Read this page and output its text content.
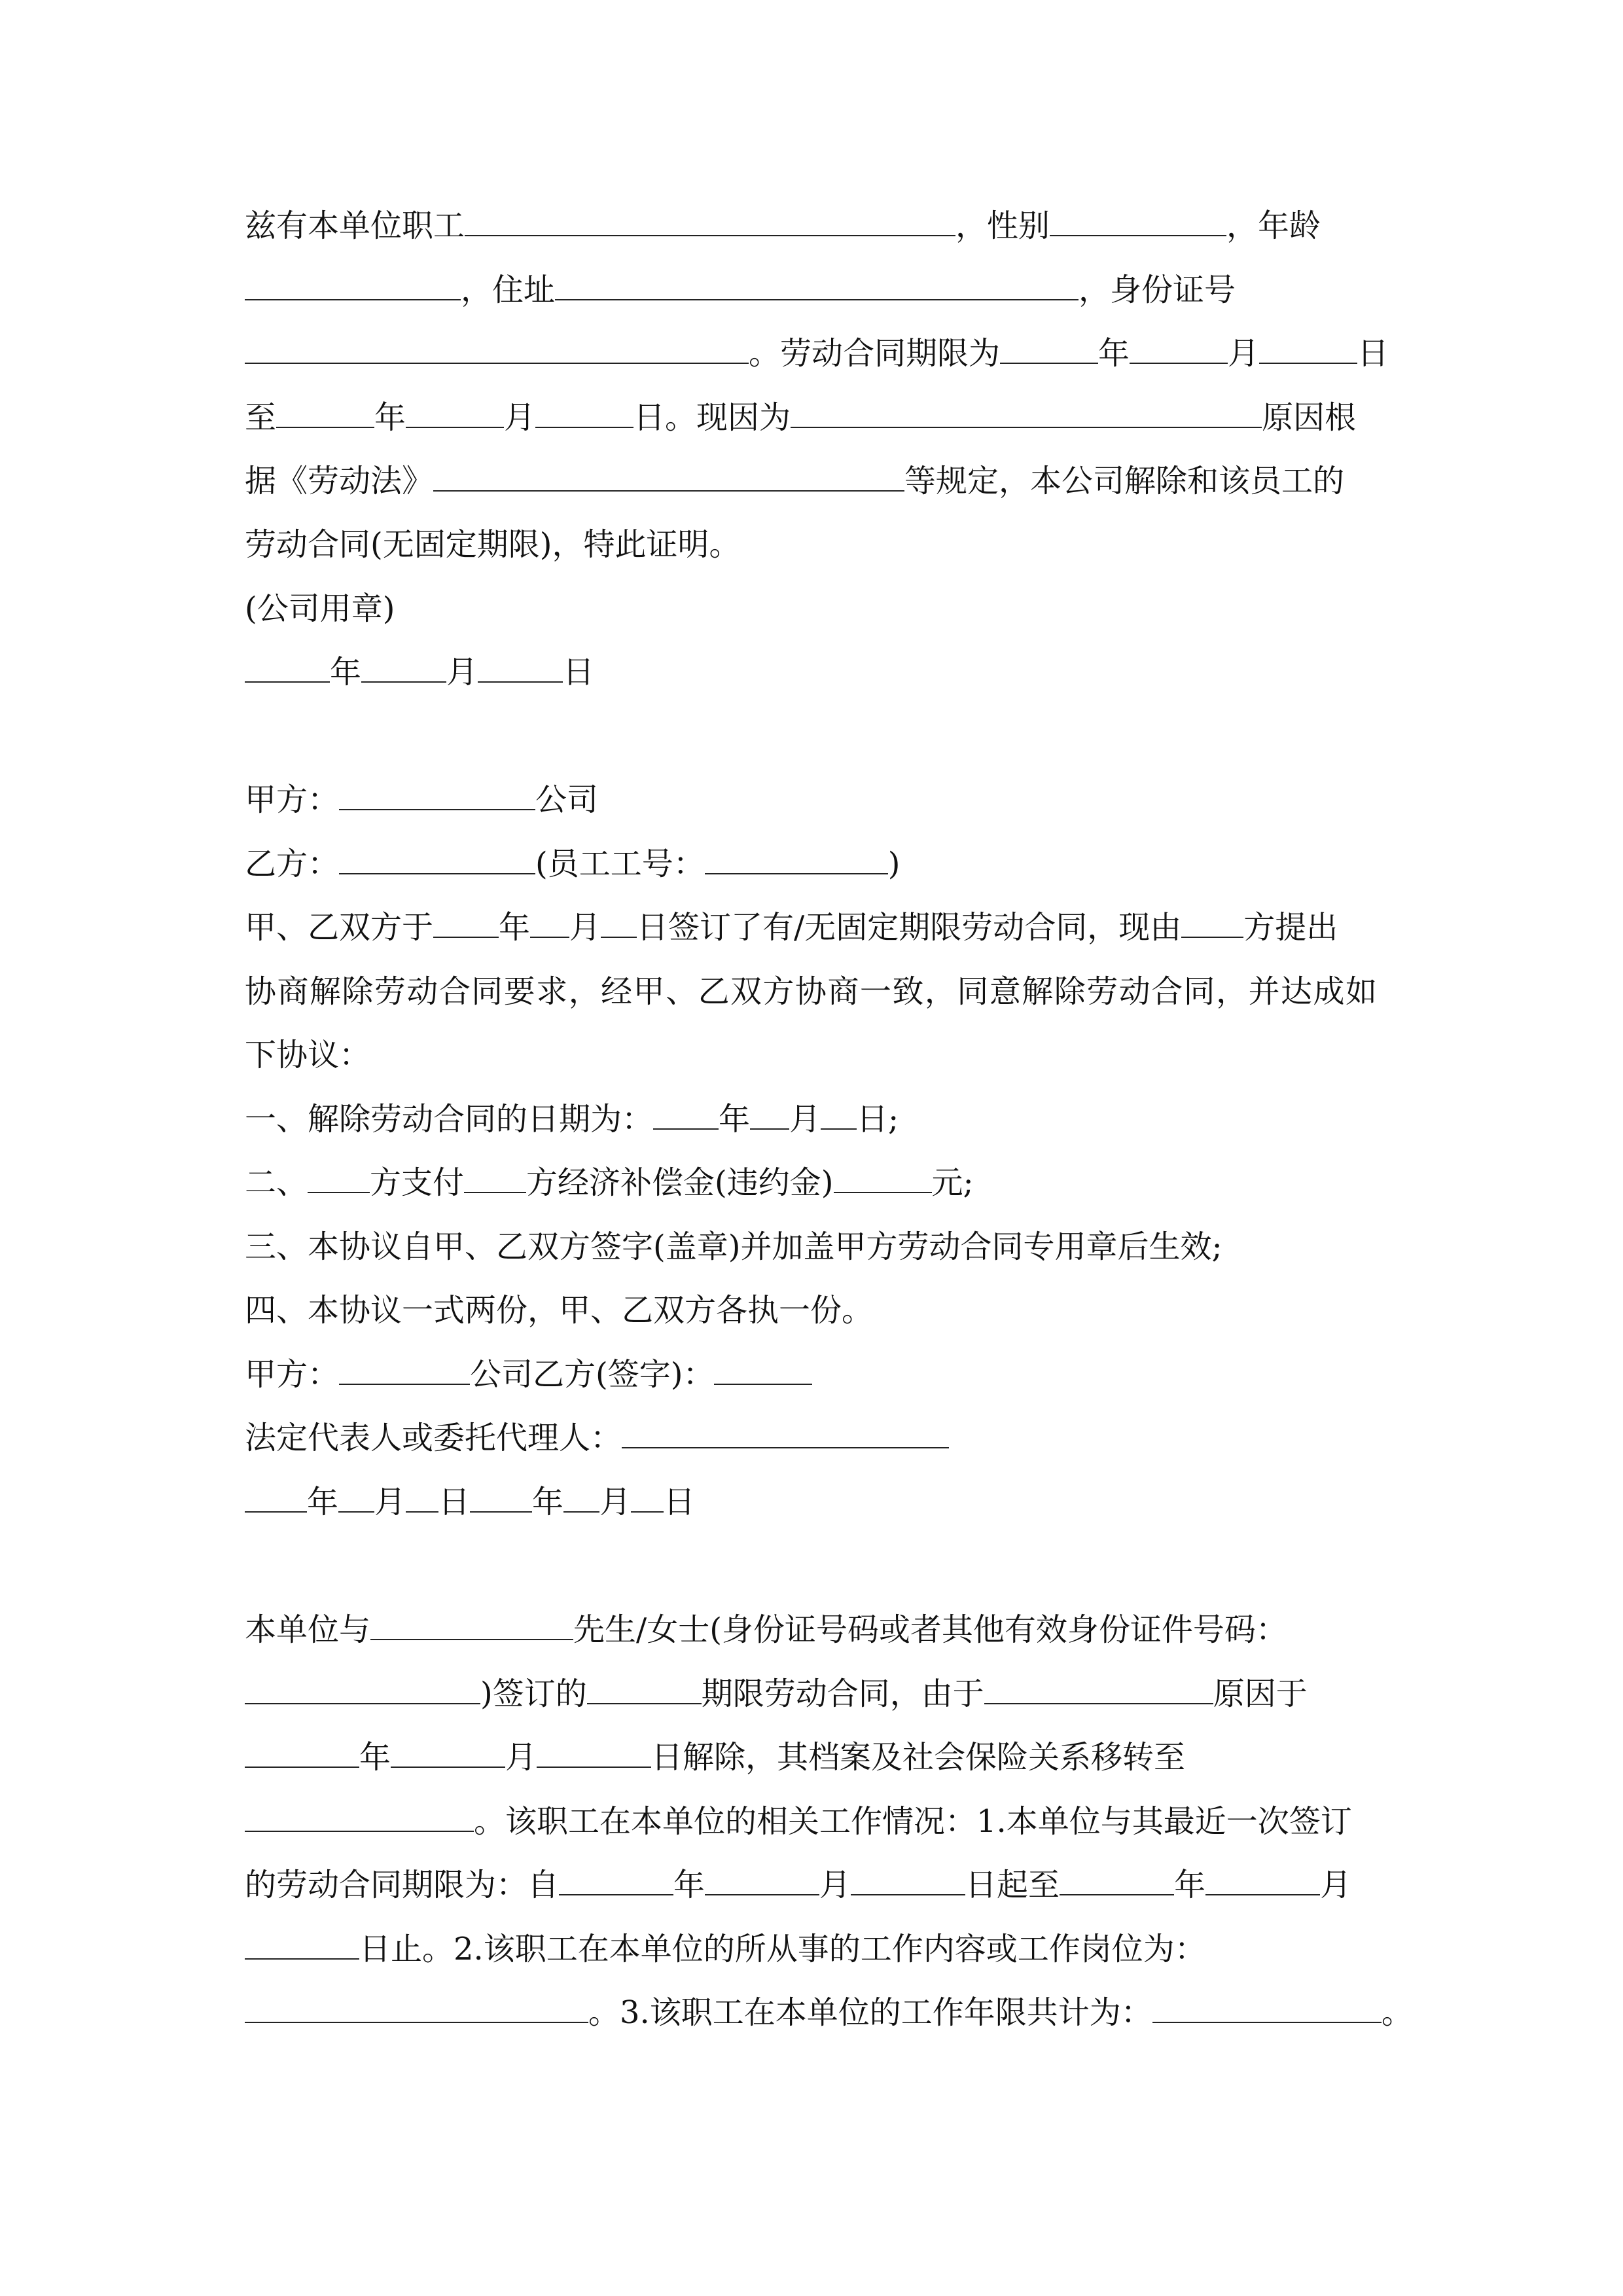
兹有本单位职工	，性别	，年龄
，住址	，身份证号
。劳动合同期限为	年	月	日
至	年	月	日。现因为	原因根
据《劳动法》	等规定，本公司解除和该员工的
劳动合同(无固定期限)，特此证明。
(公司用章)
年	月	日
甲方：	公司
乙方：	(员工工号：	)
甲、乙双方于 年 月 日签订了有/无固定期限劳动合同，现由 方提出
协商解除劳动合同要求，经甲、乙双方协商一致，同意解除劳动合同，并达成如
下协议：
一、解除劳动合同的日期为： 年 月 日;
二、 方支付 方经济补偿金(违约金)	元;
三、本协议自甲、乙双方签字(盖章)并加盖甲方劳动合同专用章后生效;
四、本协议一式两份，甲、乙双方各执一份。
甲方：	公司乙方(签字)：
法定代表人或委托代理人：
年 月 日 年 月 日
本单位与	先生/女士(身份证号码或者其他有效身份证件号码：
)签订的	期限劳动合同，由于	原因于
年	月	日解除，其档案及社会保险关系移转至
。该职工在本单位的相关工作情况：1.本单位与其最近一次签订
的劳动合同期限为：自	年	月	日起至	年	月
日止。2.该职工在本单位的所从事的工作内容或工作岗位为：
。3.该职工在本单位的工作年限共计为：	。
